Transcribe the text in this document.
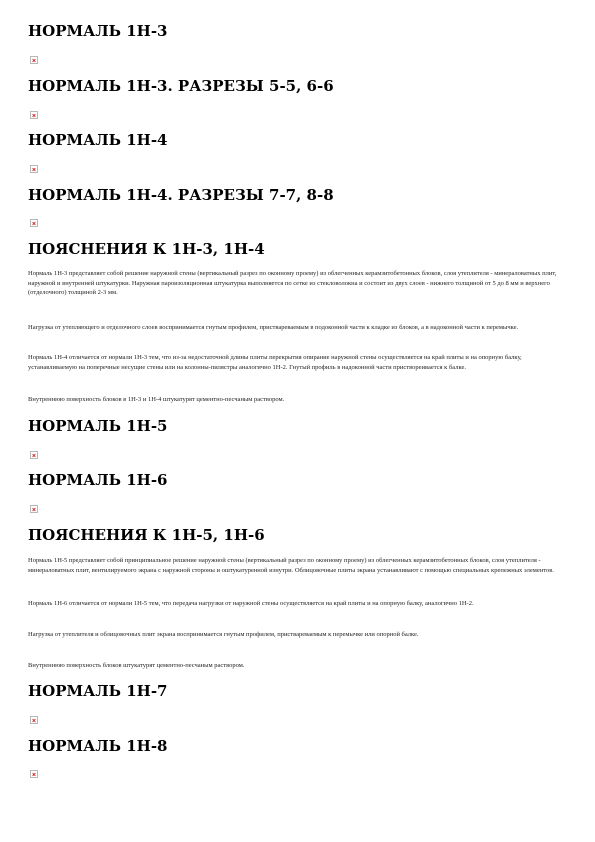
НОРМАЛЬ 1Н-3
НОРМАЛЬ 1Н-3. РАЗРЕЗЫ 5-5, 6-6
НОРМАЛЬ 1Н-4
НОРМАЛЬ 1Н-4. РАЗРЕЗЫ 7-7, 8-8
ПОЯСНЕНИЯ К 1Н-3, 1Н-4

Нормаль 1Н-3 представляет собой решение наружной стены (вертикальный разрез по оконному проему) из облегченных керамзитобетонных блоков, слоя утеплителя - минераловатных плит, наружной и внутренней штукатурки. Наружная пароизоляционная штукатурка выполняется по сетке из стекловолокна и состоит из двух слоев - нижнего толщиной от 5 до 8 мм и верхнего (отделочного) толщиной 2-3 мм.

Нагрузка от утепляющего и отделочного слоев воспринимается гнутым профилем, приствареваемым в подоконной части к кладке из блоков, а в надоконной части к перемычке.

Нормаль 1Н-4 отличается от нормали 1Н-3 тем, что из-за недостаточной длины плиты перекрытия опирание наружной стены осуществляется на край плиты и на опорную балку, устанавливаемую на поперечные несущие стены или на колонны-пилястры аналогично 1Н-2. Гнутый профиль в надоконной части приствореивается к балке.

Внутреннюю поверхность блоков в 1Н-3 и 1Н-4 штукатурят цементно-песчаным раствором.

НОРМАЛЬ 1Н-5
НОРМАЛЬ 1Н-6
ПОЯСНЕНИЯ К 1Н-5, 1Н-6

Нормаль 1Н-5 представляет собой принципиальное решение наружной стены (вертикальный разрез по оконному проему) из облегченных керамзитобетонных блоков, слоя утеплителя - минераловатных плит, вентилируемого экрана с наружной стороны и оштукатуренной изнутри. Облицовочные плиты экрана устанавливают с помощью специальных крепежных элементов.

Нормаль 1Н-6 отличается от нормали 1Н-5 тем, что передача нагрузки от наружной стены осуществляется на край плиты и на опорную балку, аналогично 1Н-2.

Нагрузка от утеплителя и облицовочных плит экрана воспринимается гнутым профилем, приствареваемым к перемычке или опорной балке.

Внутреннюю поверхность блоков штукатурят цементно-песчаным раствором.

НОРМАЛЬ 1Н-7
НОРМАЛЬ 1Н-8
